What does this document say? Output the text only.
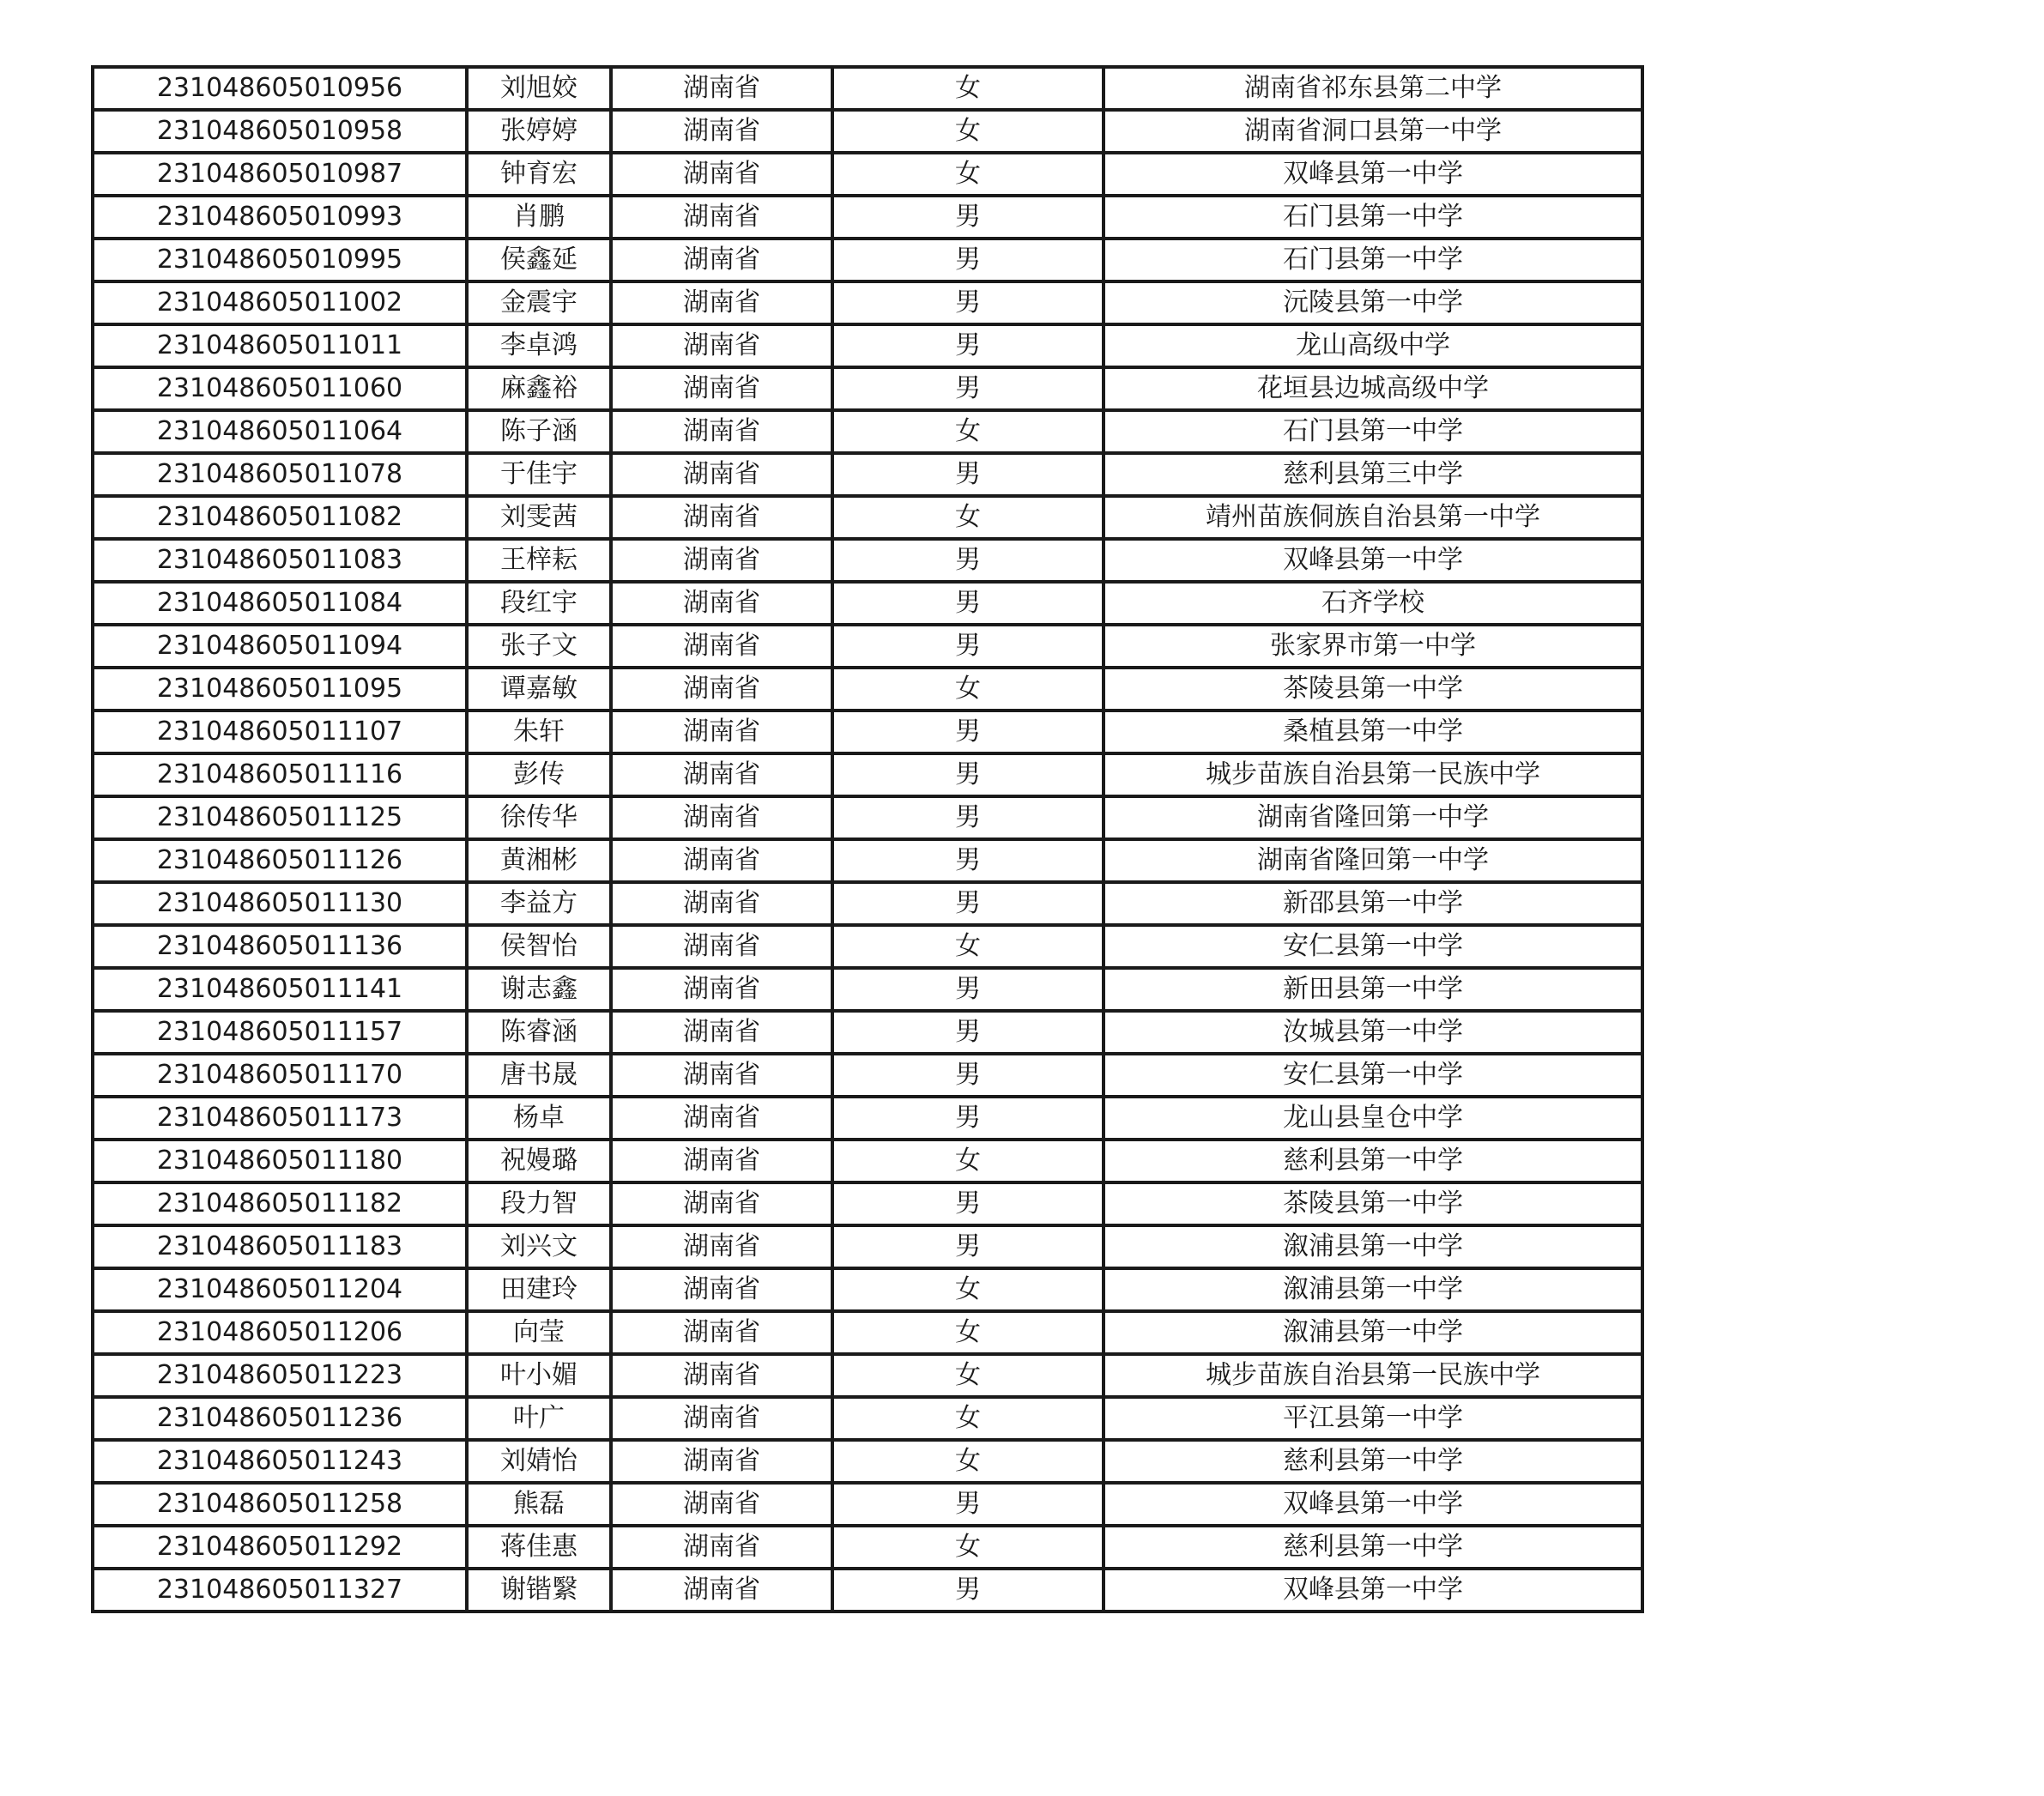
231048605010956	刘旭姣	湖南省	女	湖南省祁东县第二中学
231048605010958	张婷婷	湖南省	女	湖南省洞口县第一中学
231048605010987	钟育宏	湖南省	女	双峰县第一中学
231048605010993	肖鹏	湖南省	男	石门县第一中学
231048605010995	侯鑫延	湖南省	男	石门县第一中学
231048605011002	金震宇	湖南省	男	沅陵县第一中学
231048605011011	李卓鸿	湖南省	男	龙山高级中学
231048605011060	麻鑫裕	湖南省	男	花垣县边城高级中学
231048605011064	陈子涵	湖南省	女	石门县第一中学
231048605011078	于佳宇	湖南省	男	慈利县第三中学
231048605011082	刘雯茜	湖南省	女	靖州苗族侗族自治县第一中学
231048605011083	王梓耘	湖南省	男	双峰县第一中学
231048605011084	段红宇	湖南省	男	石齐学校
231048605011094	张子文	湖南省	男	张家界市第一中学
231048605011095	谭嘉敏	湖南省	女	茶陵县第一中学
231048605011107	朱轩	湖南省	男	桑植县第一中学
231048605011116	彭传	湖南省	男	城步苗族自治县第一民族中学
231048605011125	徐传华	湖南省	男	湖南省隆回第一中学
231048605011126	黄湘彬	湖南省	男	湖南省隆回第一中学
231048605011130	李益方	湖南省	男	新邵县第一中学
231048605011136	侯智怡	湖南省	女	安仁县第一中学
231048605011141	谢志鑫	湖南省	男	新田县第一中学
231048605011157	陈睿涵	湖南省	男	汝城县第一中学
231048605011170	唐书晟	湖南省	男	安仁县第一中学
231048605011173	杨卓	湖南省	男	龙山县皇仓中学
231048605011180	祝嫚璐	湖南省	女	慈利县第一中学
231048605011182	段力智	湖南省	男	茶陵县第一中学
231048605011183	刘兴文	湖南省	男	溆浦县第一中学
231048605011204	田建玲	湖南省	女	溆浦县第一中学
231048605011206	向莹	湖南省	女	溆浦县第一中学
231048605011223	叶小媚	湖南省	女	城步苗族自治县第一民族中学
231048605011236	叶广	湖南省	女	平江县第一中学
231048605011243	刘婧怡	湖南省	女	慈利县第一中学
231048605011258	熊磊	湖南省	男	双峰县第一中学
231048605011292	蒋佳惠	湖南省	女	慈利县第一中学
231048605011327	谢锴繄	湖南省	男	双峰县第一中学
